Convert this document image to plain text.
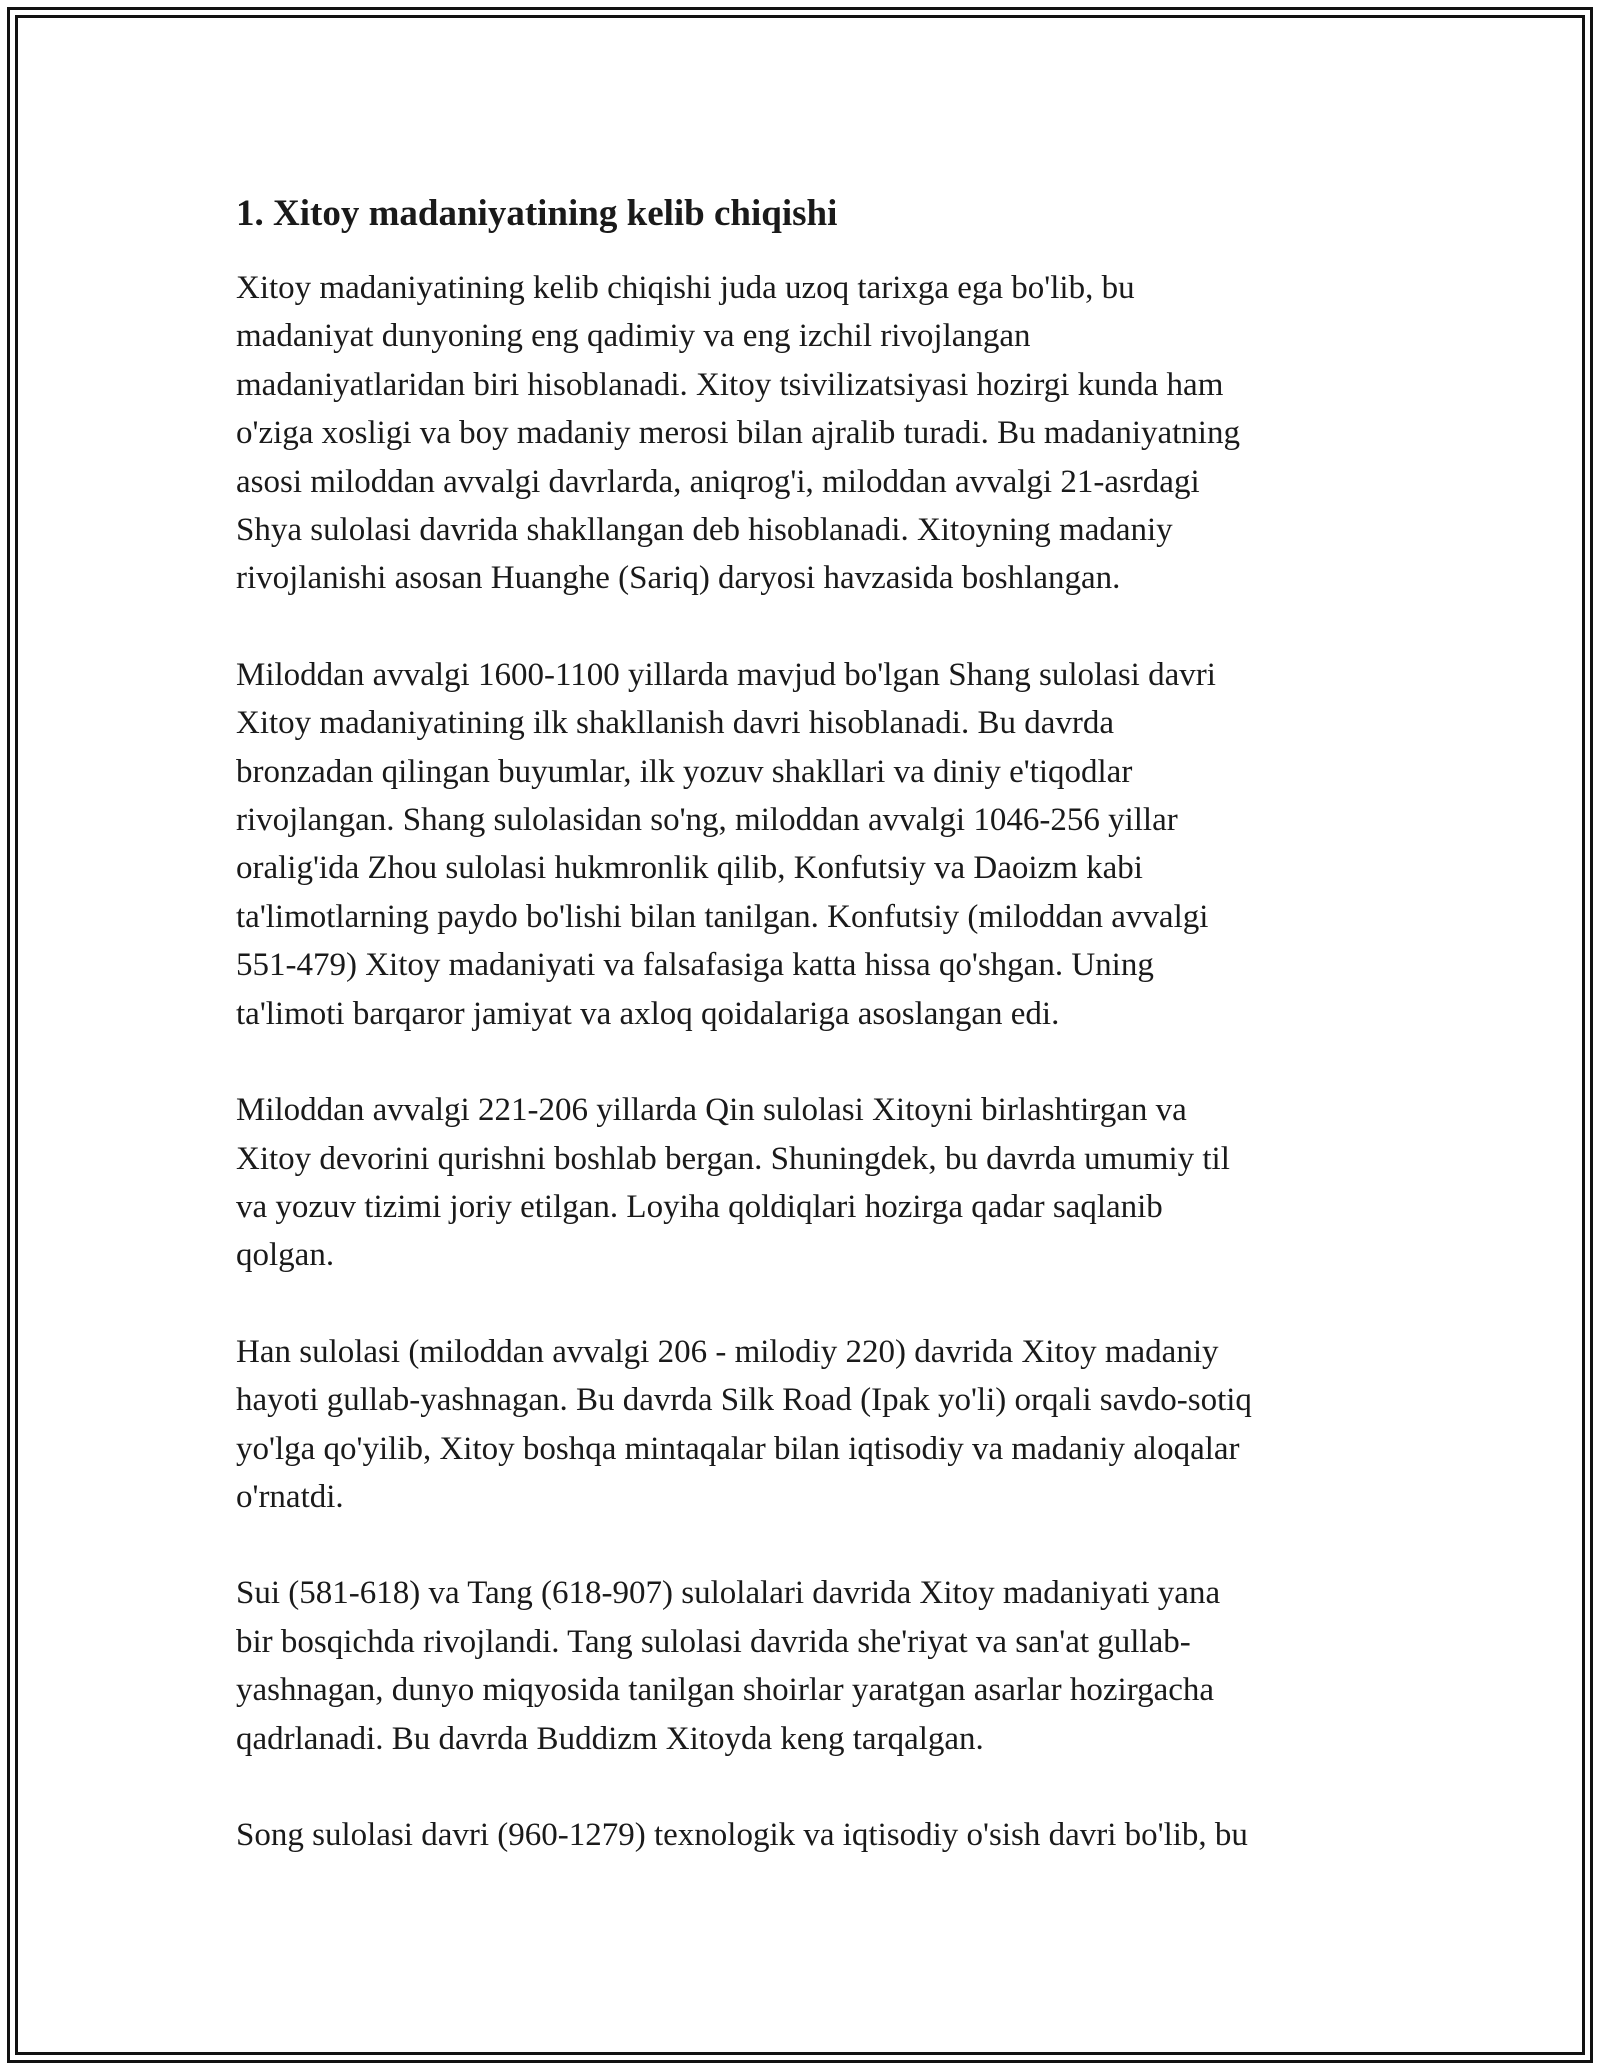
1. Xitoy madaniyatining kelib chiqishi

Xitoy madaniyatining kelib chiqishi juda uzoq tarixga ega bo'lib, bu
madaniyat dunyoning eng qadimiy va eng izchil rivojlangan
madaniyatlaridan biri hisoblanadi. Xitoy tsivilizatsiyasi hozirgi kunda ham
o'ziga xosligi va boy madaniy merosi bilan ajralib turadi. Bu madaniyatning
asosi miloddan avvalgi davrlarda, aniqrog'i, miloddan avvalgi 21-asrdagi
Shya sulolasi davrida shakllangan deb hisoblanadi. Xitoyning madaniy
rivojlanishi asosan Huanghe (Sariq) daryosi havzasida boshlangan.

Miloddan avvalgi 1600-1100 yillarda mavjud bo'lgan Shang sulolasi davri
Xitoy madaniyatining ilk shakllanish davri hisoblanadi. Bu davrda
bronzadan qilingan buyumlar, ilk yozuv shakllari va diniy e'tiqodlar
rivojlangan. Shang sulolasidan so'ng, miloddan avvalgi 1046-256 yillar
oralig'ida Zhou sulolasi hukmronlik qilib, Konfutsiy va Daoizm kabi
ta'limotlarning paydo bo'lishi bilan tanilgan. Konfutsiy (miloddan avvalgi
551-479) Xitoy madaniyati va falsafasiga katta hissa qo'shgan. Uning
ta'limoti barqaror jamiyat va axloq qoidalariga asoslangan edi.

Miloddan avvalgi 221-206 yillarda Qin sulolasi Xitoyni birlashtirgan va
Xitoy devorini qurishni boshlab bergan. Shuningdek, bu davrda umumiy til
va yozuv tizimi joriy etilgan. Loyiha qoldiqlari hozirga qadar saqlanib
qolgan.

Han sulolasi (miloddan avvalgi 206 - milodiy 220) davrida Xitoy madaniy
hayoti gullab-yashnagan. Bu davrda Silk Road (Ipak yo'li) orqali savdo-sotiq
yo'lga qo'yilib, Xitoy boshqa mintaqalar bilan iqtisodiy va madaniy aloqalar
o'rnatdi.

Sui (581-618) va Tang (618-907) sulolalari davrida Xitoy madaniyati yana
bir bosqichda rivojlandi. Tang sulolasi davrida she'riyat va san'at gullab-
yashnagan, dunyo miqyosida tanilgan shoirlar yaratgan asarlar hozirgacha
qadrlanadi. Bu davrda Buddizm Xitoyda keng tarqalgan.

Song sulolasi davri (960-1279) texnologik va iqtisodiy o'sish davri bo'lib, bu
